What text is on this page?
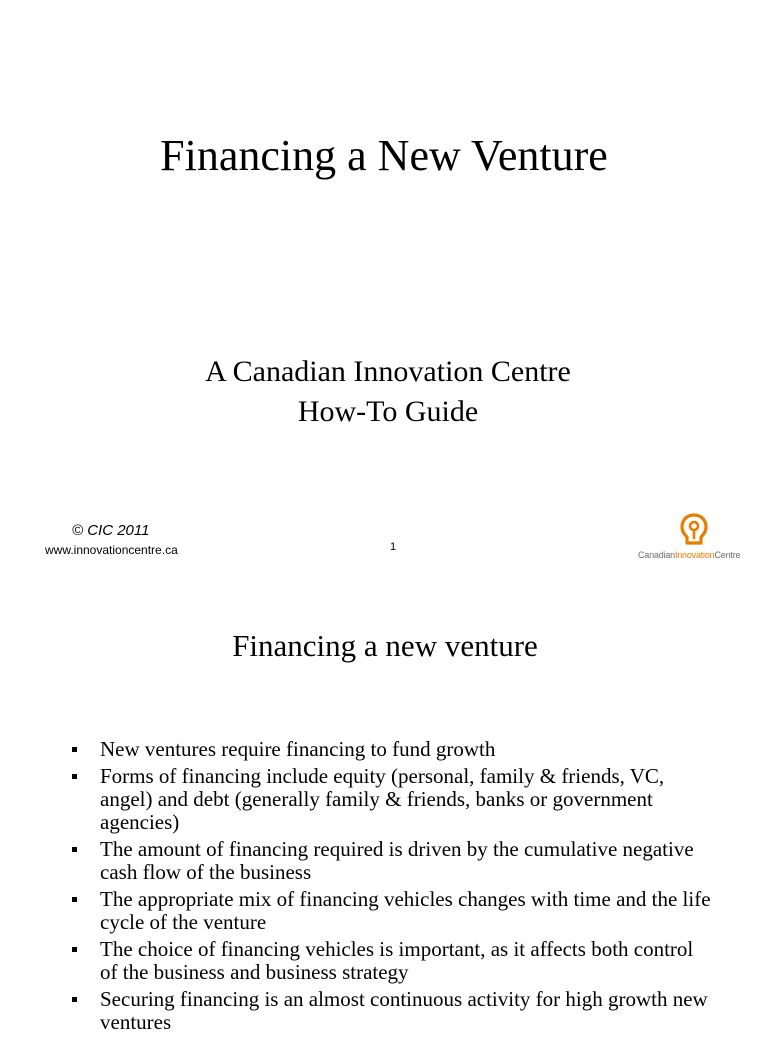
Financing a New Venture
A Canadian Innovation Centre
How-To Guide
© CIC 2011
www.innovationcentre.ca	1
CanadianInnovationCentre
Financing a new venture
New ventures require financing to fund growth
Forms of financing include equity (personal, family & friends, VC, angel) and debt (generally family & friends, banks or government agencies)
The amount of financing required is driven by the cumulative negative cash flow of the business
The appropriate mix of financing vehicles changes with time and the life cycle of the venture
The choice of financing vehicles is important, as it affects both control of the business and business strategy
Securing financing is an almost continuous activity for high growth new ventures
